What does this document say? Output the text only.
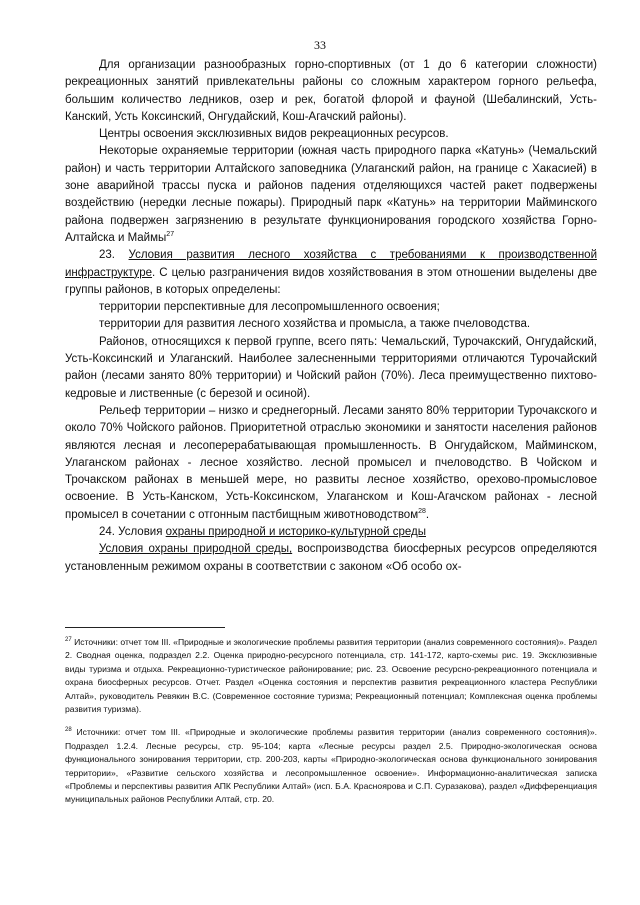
33

Для организации разнообразных горно-спортивных (от 1 до 6 категории сложности) рекреационных занятий привлекательны районы со сложным характером горного рельефа, большим количество ледников, озер и рек, богатой флорой и фауной (Шебалинский, Усть-Канский, Усть Коксинский, Онгудайский, Кош-Агачский районы).

Центры освоения эксклюзивных видов рекреационных ресурсов.

Некоторые охраняемые территории (южная часть природного парка «Катунь» (Чемальский район) и часть территории Алтайского заповедника (Улаганский район, на границе с Хакасией) в зоне аварийной трассы пуска и районов падения отделяющихся частей ракет подвержены воздействию (нередки лесные пожары). Природный парк «Катунь» на территории Майминского района подвержен загрязнению в результате функционирования городского хозяйства Горно-Алтайска и Маймы$^{27}$

23. Условия развития лесного хозяйства с требованиями к производственной инфраструктуре. С целью разграничения видов хозяйствования в этом отношении выделены две группы районов, в которых определены:

территории перспективные для лесопромышленного освоения;

территории для развития лесного хозяйства и промысла, а также пчеловодства.

Районов, относящихся к первой группе, всего пять: Чемальский, Турочакский, Онгудайский, Усть-Коксинский и Улаганский. Наиболее залесненными территориями отличаются Турочайский район (лесами занято 80% территории) и Чойский район (70%). Леса преимущественно пихтово-кедровые и лиственные (с березой и осиной).

Рельеф территории – низко и среднегорный. Лесами занято 80% территории Турочакского и около 70% Чойского районов. Приоритетной отраслью экономики и занятости населения районов являются лесная и лесоперерабатывающая промышленность. В Онгудайском, Майминском, Улаганском районах - лесное хозяйство. лесной промысел и пчеловодство. В Чойском и Трочакском районах в меньшей мере, но развиты лесное хозяйство, орехово-промысловое освоение. В Усть-Канском, Усть-Коксинском, Улаганском и Кош-Агачском районах - лесной промысел в сочетании с отгонным пастбищным животноводством$^{28}$.

24. Условия охраны природной и историко-культурной среды

Условия охраны природной среды, воспроизводства биосферных ресурсов определяются установленным режимом охраны в соответствии с законом «Об особо ох-

$^{27}$ Источники: отчет том III. «Природные и экологические проблемы развития территории (анализ современного состояния)». Раздел 2. Сводная оценка, подраздел 2.2. Оценка природно-ресурсного потенциала, стр. 141-172, карто-схемы рис. 19. Эксклюзивные виды туризма и отдыха. Рекреационно-туристическое районирование; рис. 23. Освоение ресурсно-рекреационного потенциала и охрана биосферных ресурсов. Отчет. Раздел «Оценка состояния и перспектив развития рекреационного кластера Республики Алтай», руководитель Ревякин В.С. (Современное состояние туризма; Рекреационный потенциал; Комплексная оценка проблемы развития туризма).

$^{28}$ Источники: отчет том III. «Природные и экологические проблемы развития территории (анализ современного состояния)». Подраздел 1.2.4. Лесные ресурсы, стр. 95-104; карта «Лесные ресурсы раздел 2.5. Природно-экологическая основа функционального зонирования территории, стр. 200-203, карты «Природно-экологическая основа функционального зонирования территории», «Развитие сельского хозяйства и лесопромышленное освоение». Информационно-аналитическая записка «Проблемы и перспективы развития АПК Республики Алтай» (исп. Б.А. Красноярова и С.П. Суразакова), раздел «Дифференциация муниципальных районов Республики Алтай, стр. 20.
